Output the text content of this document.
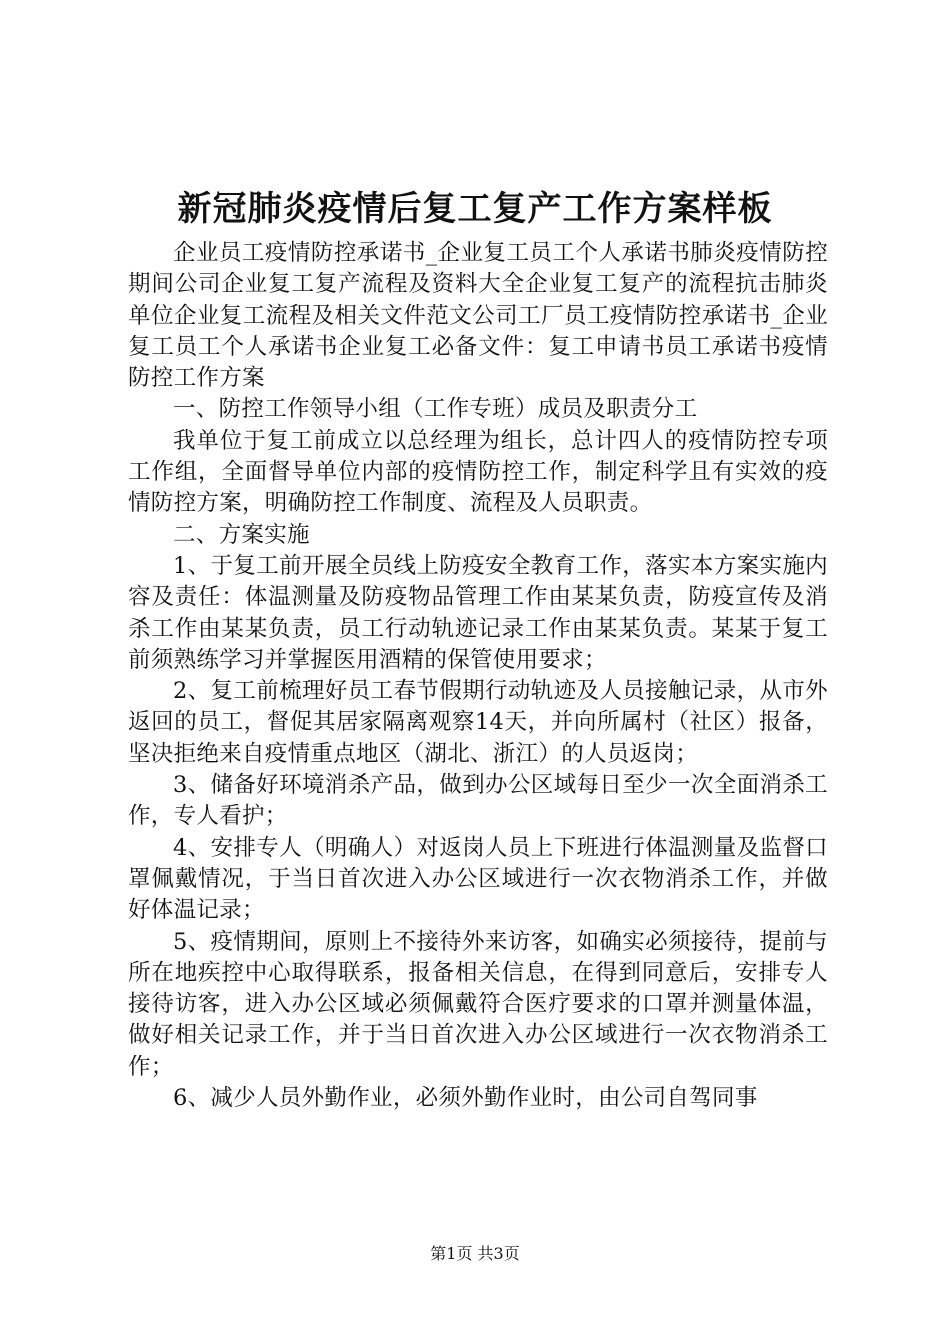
新冠肺炎疫情后复工复产工作方案样板

企业员工疫情防控承诺书_企业复工员工个人承诺书肺炎疫情防控期间公司企业复工复产流程及资料大全企业复工复产的流程抗击肺炎单位企业复工流程及相关文件范文公司工厂员工疫情防控承诺书_企业复工员工个人承诺书企业复工必备文件：复工申请书员工承诺书疫情防控工作方案

一、防控工作领导小组（工作专班）成员及职责分工

我单位于复工前成立以总经理为组长，总计四人的疫情防控专项工作组，全面督导单位内部的疫情防控工作，制定科学且有实效的疫情防控方案，明确防控工作制度、流程及人员职责。

二、方案实施

1、于复工前开展全员线上防疫安全教育工作，落实本方案实施内容及责任：体温测量及防疫物品管理工作由某某负责，防疫宣传及消杀工作由某某负责，员工行动轨迹记录工作由某某负责。某某于复工前须熟练学习并掌握医用酒精的保管使用要求；

2、复工前梳理好员工春节假期行动轨迹及人员接触记录，从市外返回的员工，督促其居家隔离观察14天，并向所属村（社区）报备，坚决拒绝来自疫情重点地区（湖北、浙江）的人员返岗；

3、储备好环境消杀产品，做到办公区域每日至少一次全面消杀工作，专人看护；

4、安排专人（明确人）对返岗人员上下班进行体温测量及监督口罩佩戴情况，于当日首次进入办公区域进行一次衣物消杀工作，并做好体温记录；

5、疫情期间，原则上不接待外来访客，如确实必须接待，提前与所在地疾控中心取得联系，报备相关信息，在得到同意后，安排专人接待访客，进入办公区域必须佩戴符合医疗要求的口罩并测量体温，做好相关记录工作，并于当日首次进入办公区域进行一次衣物消杀工作；

6、减少人员外勤作业，必须外勤作业时，由公司自驾同事

第1页 共3页
